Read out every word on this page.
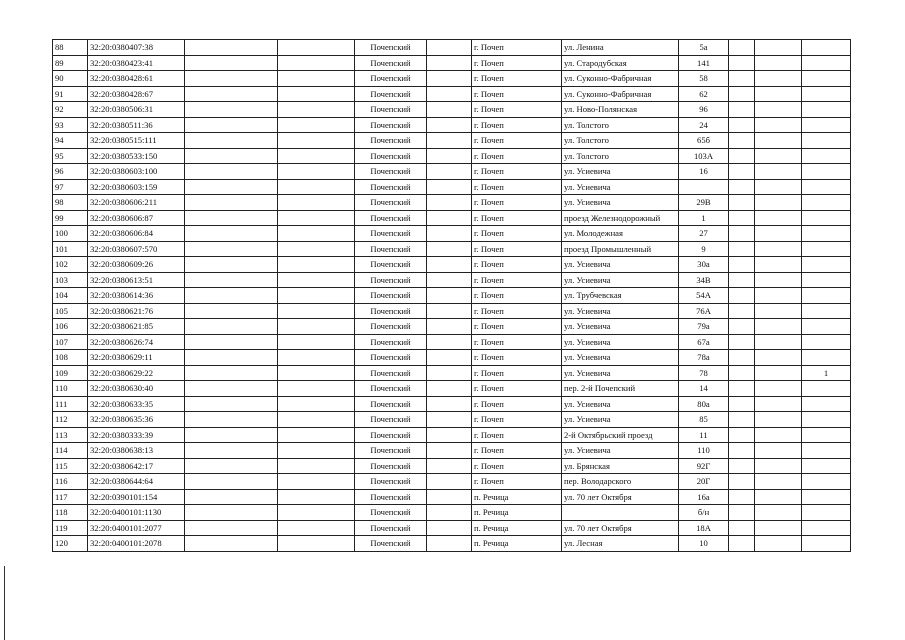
88	32:20:0380407:38			Почепский		г. Почеп	ул. Ленина	5а			
89	32:20:0380423:41			Почепский		г. Почеп	ул. Стародубская	141			
90	32:20:0380428:61			Почепский		г. Почеп	ул. Суконно-Фабричная	58			
91	32:20:0380428:67			Почепский		г. Почеп	ул. Суконно-Фабричная	62			
92	32:20:0380506:31			Почепский		г. Почеп	ул. Ново-Полянская	96			
93	32:20:0380511:36			Почепский		г. Почеп	ул. Толстого	24			
94	32:20:0380515:111			Почепский		г. Почеп	ул. Толстого	65б			
95	32:20:0380533:150			Почепский		г. Почеп	ул. Толстого	103А			
96	32:20:0380603:100			Почепский		г. Почеп	ул. Усиевича	16			
97	32:20:0380603:159			Почепский		г. Почеп	ул. Усиевича				
98	32:20:0380606:211			Почепский		г. Почеп	ул. Усиевича	29В			
99	32:20:0380606:87			Почепский		г. Почеп	проезд Железнодорожный	1			
100	32:20:0380606:84			Почепский		г. Почеп	ул. Молодежная	27			
101	32:20:0380607:570			Почепский		г. Почеп	проезд Промышленный	9			
102	32:20:0380609:26			Почепский		г. Почеп	ул. Усиевича	30а			
103	32:20:0380613:51			Почепский		г. Почеп	ул. Усиевича	34В			
104	32:20:0380614:36			Почепский		г. Почеп	ул. Трубчевская	54А			
105	32:20:0380621:76			Почепский		г. Почеп	ул. Усиевича	76А			
106	32:20:0380621:85			Почепский		г. Почеп	ул. Усиевича	79а			
107	32:20:0380626:74			Почепский		г. Почеп	ул. Усиевича	67а			
108	32:20:0380629:11			Почепский		г. Почеп	ул. Усиевича	78а			
109	32:20:0380629:22			Почепский		г. Почеп	ул. Усиевича	78			1
110	32:20:0380630:40			Почепский		г. Почеп	пер. 2-й Почепский	14			
111	32:20:0380633:35			Почепский		г. Почеп	ул. Усиевича	80а			
112	32:20:0380635:36			Почепский		г. Почеп	ул. Усиевича	85			
113	32:20:0380333:39			Почепский		г. Почеп	2-й Октябрьский проезд	11			
114	32:20:0380638:13			Почепский		г. Почеп	ул. Усиевича	110			
115	32:20:0380642:17			Почепский		г. Почеп	ул. Брянская	92Г			
116	32:20:0380644:64			Почепский		г. Почеп	пер. Володарского	20Г			
117	32:20:0390101:154			Почепский		п. Речица	ул. 70 лет Октября	16а			
118	32:20:0400101:1130			Почепский		п. Речица		б/н			
119	32:20:0400101:2077			Почепский		п. Речица	ул. 70 лет Октября	18А			
120	32:20:0400101:2078			Почепский		п. Речица	ул. Лесная	10			
